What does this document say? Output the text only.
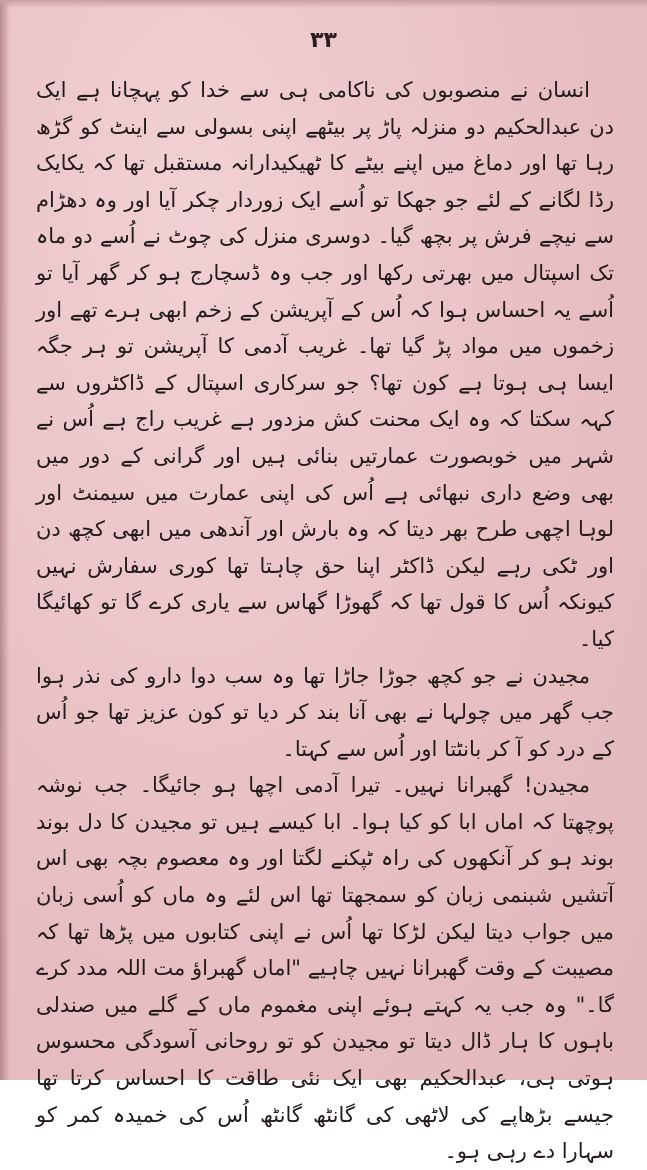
۳۳

انسان نے منصوبوں کی ناکامی ہی سے خدا کو پہچانا ہے ایک دن عبدالحکیم دو منزلہ پاڑ پر بیٹھے اپنی بسولی سے اینٹ کو گڑھ رہا تھا اور دماغ میں اپنے بیٹے کا ٹھیکیدارانہ مستقبل تھا کہ یکایک رڈا لگانے کے لئے جو جھکا تو اُسے ایک زوردار چکر آیا اور وہ دھڑام سے نیچے فرش پر بچھ گیا۔ دوسری منزل کی چوٹ نے اُسے دو ماہ تک اسپتال میں بھرتی رکھا اور جب وہ ڈسچارج ہو کر گھر آیا تو اُسے یہ احساس ہوا کہ اُس کے آپریشن کے زخم ابھی ہرے تھے اور زخموں میں مواد پڑ گیا تھا۔ غریب آدمی کا آپریشن تو ہر جگہ ایسا ہی ہوتا ہے کون تھا؟ جو سرکاری اسپتال کے ڈاکٹروں سے کہہ سکتا کہ وہ ایک محنت کش مزدور ہے غریب راج ہے اُس نے شہر میں خوبصورت عمارتیں بنائی ہیں اور گرانی کے دور میں بھی وضع داری نبھائی ہے اُس کی اپنی عمارت میں سیمنٹ اور لوہا اچھی طرح بھر دیتا کہ وہ بارش اور آندھی میں ابھی کچھ دن اور ٹکی رہے لیکن ڈاکٹر اپنا حق چاہتا تھا کوری سفارش نہیں کیونکہ اُس کا قول تھا کہ گھوڑا گھاس سے یاری کرے گا تو کھائیگا کیا۔

مجیدن نے جو کچھ جوڑا جاڑا تھا وہ سب دوا دارو کی نذر ہوا جب گھر میں چولہا نے بھی آنا بند کر دیا تو کون عزیز تھا جو اُس کے درد کو آ کر بانٹتا اور اُس سے کہتا۔

مجیدن! گھبرانا نہیں۔ تیرا آدمی اچھا ہو جائیگا۔ جب نوشہ پوچھتا کہ اماں ابا کو کیا ہوا۔ ابا کیسے ہیں تو مجیدن کا دل بوند بوند ہو کر آنکھوں کی راہ ٹپکنے لگتا اور وہ معصوم بچہ بھی اس آتشیں شبنمی زبان کو سمجھتا تھا اس لئے وہ ماں کو اُسی زبان میں جواب دیتا لیکن لڑکا تھا اُس نے اپنی کتابوں میں پڑھا تھا کہ مصیبت کے وقت گھبرانا نہیں چاہیے "اماں گھبراؤ مت اللہ مدد کرے گا۔" وہ جب یہ کہتے ہوئے اپنی مغموم ماں کے گلے میں صندلی باہوں کا ہار ڈال دیتا تو مجیدن کو تو روحانی آسودگی محسوس ہوتی ہی، عبدالحکیم بھی ایک نئی طاقت کا احساس کرتا تھا جیسے بڑھاپے کی لاٹھی کی گانٹھ گانٹھ اُس کی خمیدہ کمر کو سہارا دے رہی ہو۔
